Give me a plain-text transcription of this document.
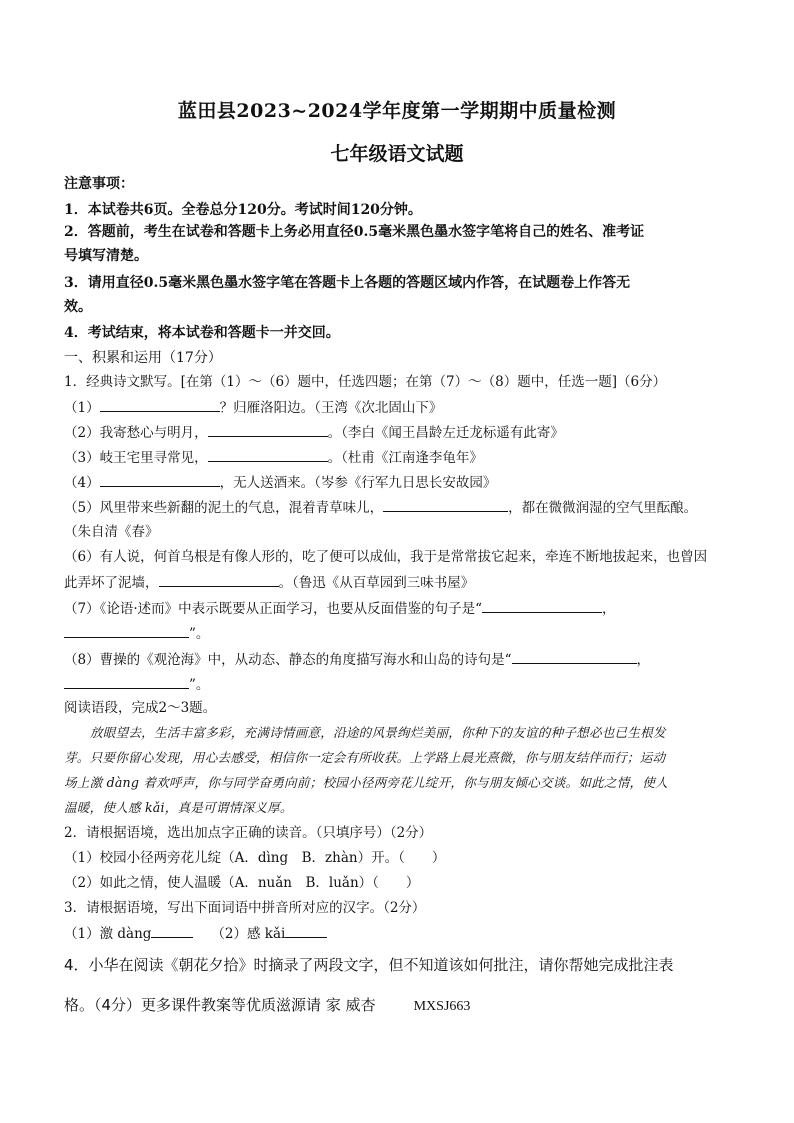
蓝田县2023~2024学年度第一学期期中质量检测
七年级语文试题
注意事项：
1．本试卷共6页。全卷总分120分。考试时间120分钟。
2．答题前，考生在试卷和答题卡上务必用直径0.5毫米黑色墨水签字笔将自己的姓名、准考证
号填写清楚。
3．请用直径0.5毫米黑色墨水签字笔在答题卡上各题的答题区域内作答，在试题卷上作答无
效。
4．考试结束，将本试卷和答题卡一并交回。
一、积累和运用（17分）
1．经典诗文默写。[在第（1）～（6）题中，任选四题；在第（7）～（8）题中，任选一题]（6分）
（1）	？归雁洛阳边。（王湾《次北固山下》
（2）我寄愁心与明月，	。（李白《闻王昌龄左迁龙标遥有此寄》
（3）岐王宅里寻常见，	。（杜甫《江南逢李龟年》
（4）	，无人送酒来。（岑参《行军九日思长安故园》
（5）风里带来些新翻的泥土的气息，混着青草味儿，	，都在微微润湿的空气里酝酿。
（朱自清《春》
（6）有人说，何首乌根是有像人形的，吃了便可以成仙，我于是常常拔它起来，牵连不断地拔起来，也曾因
此弄坏了泥墙，	。（鲁迅《从百草园到三味书屋》
（7）《论语·述而》中表示既要从正面学习，也要从反面借鉴的句子是“	，
”。
（8）曹操的《观沧海》中，从动态、静态的角度描写海水和山岛的诗句是“	，
”。
阅读语段，完成2～3题。
放眼望去，生活丰富多彩，充满诗情画意，沿途的风景绚烂美丽，你种下的友谊的种子想必也已生根发
芽。只要你留心发现，用心去感受，相信你一定会有所收获。上学路上晨光熹微，你与朋友结伴而行；运动
场上激 dàng 着欢呼声，你与同学奋勇向前；校园小径两旁花儿绽开，你与朋友倾心交谈。如此之情，使人
温暖，使人感 kǎi，真是可谓情深义厚。
2．请根据语境，选出加点字正确的读音。（只填序号）（2分）
（1）校园小径两旁花儿绽（A．dìng　B．zhàn）开。（　　）
（2）如此之情，使人温暖（A．nuǎn　B．luǎn）（　　）
3．请根据语境，写出下面词语中拼音所对应的汉字。（2分）
（1）激 dàng	（2）感 kǎi
4．小华在阅读《朝花夕拾》时摘录了两段文字，但不知道该如何批注，请你帮她完成批注表
格。（4分）更多课件教案等优质滋源请 家 威杏	MXSJ663
